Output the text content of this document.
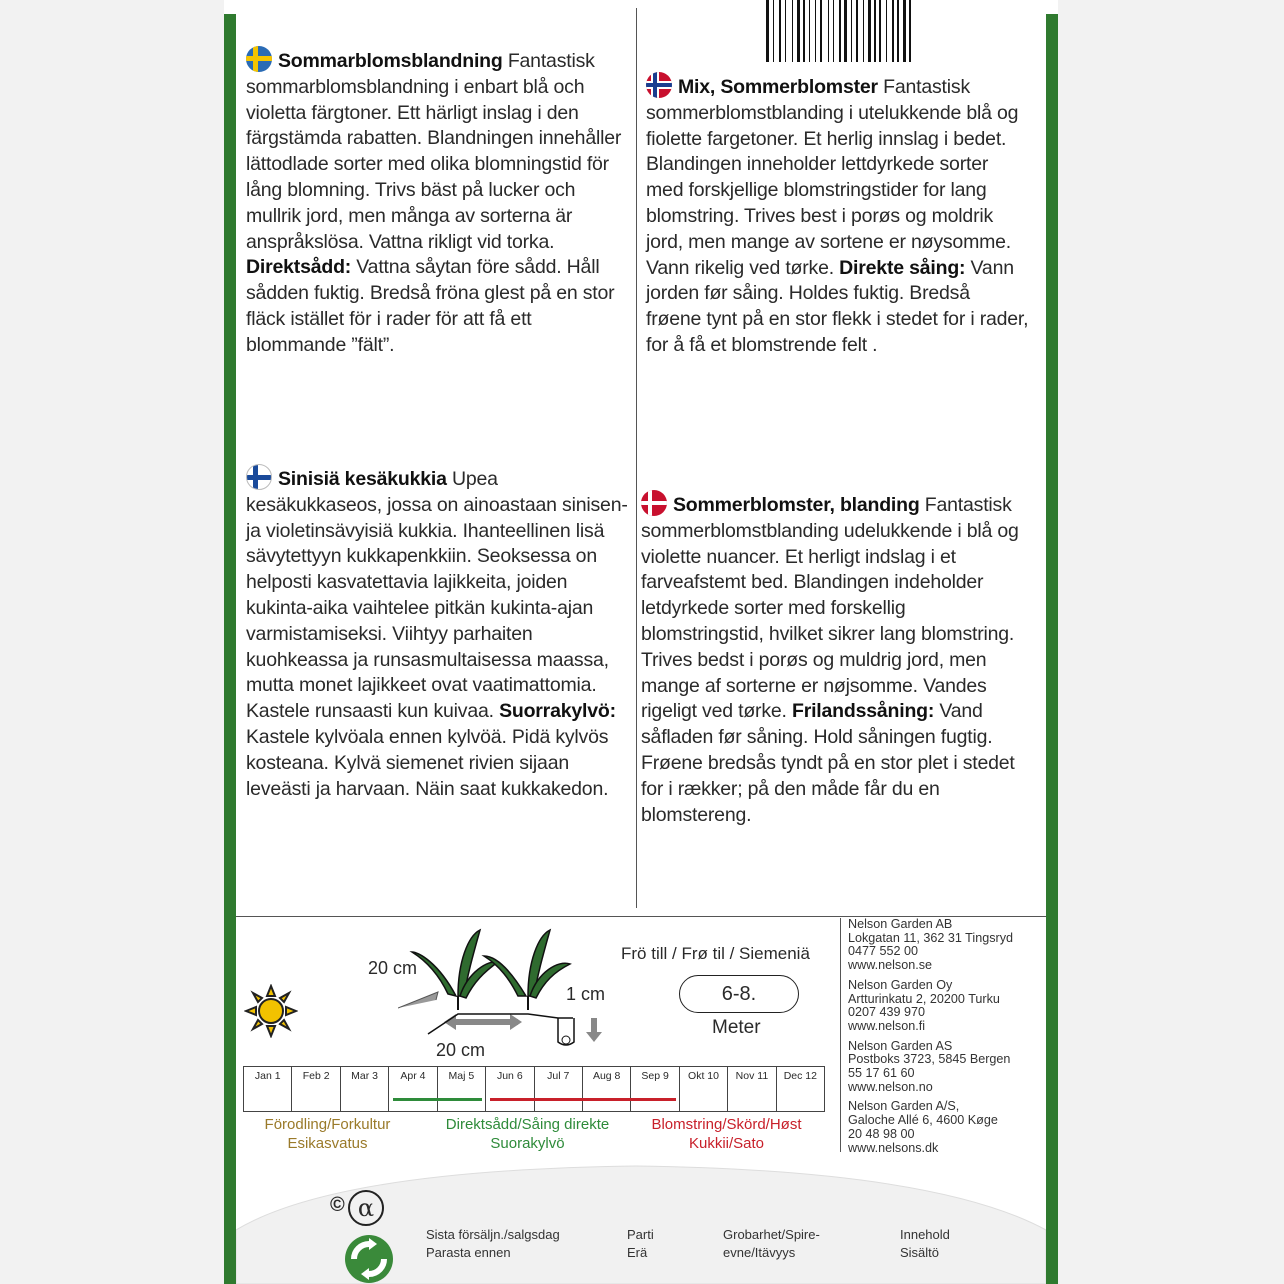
Sommarblomsblandning Fantastisk sommarblomsblandning i enbart blå och violetta färgtoner. Ett härligt inslag i den färgstämda rabatten. Blandningen innehåller lättodlade sorter med olika blomningstid för lång blomning. Trivs bäst på lucker och mullrik jord, men många av sorterna är anspråkslösa. Vattna rikligt vid torka. Direktsådd: Vattna såytan före sådd. Håll sådden fuktig. Bredså fröna glest på en stor fläck istället för i rader för att få ett blommande ”fält”.
Mix, Sommerblomster Fantastisk sommerblomstblanding i utelukkende blå og fiolette fargetoner. Et herlig innslag i bedet. Blandingen inneholder lettdyrkede sorter med forskjellige blomstringstider for lang blomstring. Trives best i porøs og moldrik jord, men mange av sortene er nøysomme. Vann rikelig ved tørke. Direkte såing: Vann jorden før såing. Holdes fuktig. Bredså frøene tynt på en stor flekk i stedet for i rader, for å få et blomstrende felt .
Sinisiä kesäkukkia Upea kesäkukkaseos, jossa on ainoastaan sinisen- ja violetinsävyisiä kukkia. Ihanteellinen lisä sävytettyyn kukkapenkkiin. Seoksessa on helposti kasvatettavia lajikkeita, joiden kukinta-aika vaihtelee pitkän kukinta-ajan varmistamiseksi. Viihtyy parhaiten kuohkeassa ja runsasmultaisessa maassa, mutta monet lajikkeet ovat vaatimattomia. Kastele runsaasti kun kuivaa. Suorrakylvö: Kastele kylvöala ennen kylvöä. Pidä kylvös kosteana. Kylvä siemenet rivien sijaan leveästi ja harvaan. Näin saat kukkakedon.
Sommerblomster, blanding Fantastisk sommerblomstblanding udelukkende i blå og violette nuancer. Et herligt indslag i et farveafstemt bed. Blandingen indeholder letdyrkede sorter med forskellig blomstringstid, hvilket sikrer lang blomstring. Trives bedst i porøs og muldrig jord, men mange af sorterne er nøjsomme. Vandes rigeligt ved tørke. Frilandssåning: Vand såfladen før såning. Hold såningen fugtig. Frøene bredsås tyndt på en stor plet i stedet for i rækker; på den måde får du en blomstereng.
20 cm
20 cm
1 cm
Frö till / Frø til / Siemeniä
6-8.
Meter
Nelson Garden AB
Lokgatan 11, 362 31 Tingsryd
0477 552 00
www.nelson.se
Nelson Garden Oy
Artturinkatu 2, 20200 Turku
0207 439 970
www.nelson.fi
Nelson Garden AS
Postboks 3723, 5845 Bergen
55 17 61 60
www.nelson.no
Nelson Garden A/S,
Galoche Allé 6, 4600 Køge
20 48 98 00
www.nelsons.dk
Jan 1	Feb 2	Mar 3	Apr 4	Maj 5	Jun 6	Jul 7	Aug 8	Sep 9	Okt 10	Nov 11	Dec 12
Förodling/Forkultur
Esikasvatus
Direktsådd/Såing direkte
Suorakylvö
Blomstring/Skörd/Høst
Kukkii/Sato
© α
Sista försäljn./salgsdag
Parasta ennen
Parti
Erä
Grobarhet/Spire-
evne/Itävyys
Innehold
Sisältö
